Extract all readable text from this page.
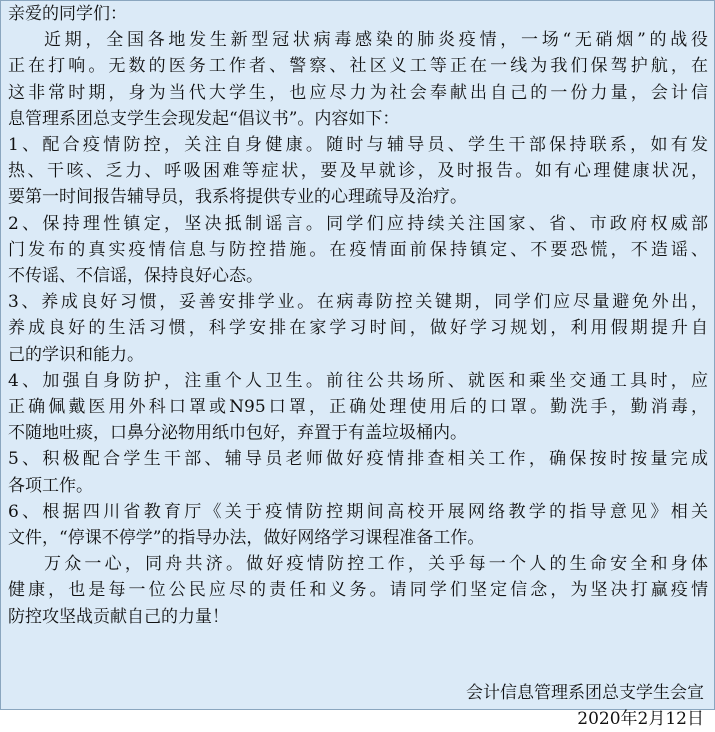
亲爱的同学们：
近期，全国各地发生新型冠状病毒感染的肺炎疫情，一场“无硝烟”的战役
正在打响。无数的医务工作者、警察、社区义工等正在一线为我们保驾护航，在
这非常时期，身为当代大学生，也应尽力为社会奉献出自己的一份力量，会计信
息管理系团总支学生会现发起“倡议书”。内容如下：
1、配合疫情防控，关注自身健康。随时与辅导员、学生干部保持联系，如有发
热、干咳、乏力、呼吸困难等症状，要及早就诊，及时报告。如有心理健康状况，
要第一时间报告辅导员，我系将提供专业的心理疏导及治疗。
2、保持理性镇定，坚决抵制谣言。同学们应持续关注国家、省、市政府权威部
门发布的真实疫情信息与防控措施。在疫情面前保持镇定、不要恐慌，不造谣、
不传谣、不信谣，保持良好心态。
3、养成良好习惯，妥善安排学业。在病毒防控关键期，同学们应尽量避免外出，
养成良好的生活习惯，科学安排在家学习时间，做好学习规划，利用假期提升自
己的学识和能力。
4、加强自身防护，注重个人卫生。前往公共场所、就医和乘坐交通工具时，应
正确佩戴医用外科口罩或N95口罩，正确处理使用后的口罩。勤洗手，勤消毒，
不随地吐痰，口鼻分泌物用纸巾包好，弃置于有盖垃圾桶内。
5、积极配合学生干部、辅导员老师做好疫情排查相关工作，确保按时按量完成
各项工作。
6、根据四川省教育厅《关于疫情防控期间高校开展网络教学的指导意见》相关
文件，“停课不停学”的指导办法，做好网络学习课程准备工作。
万众一心，同舟共济。做好疫情防控工作，关乎每一个人的生命安全和身体
健康，也是每一位公民应尽的责任和义务。请同学们坚定信念，为坚决打赢疫情
防控攻坚战贡献自己的力量！
会计信息管理系团总支学生会宣
2020年2月12日
